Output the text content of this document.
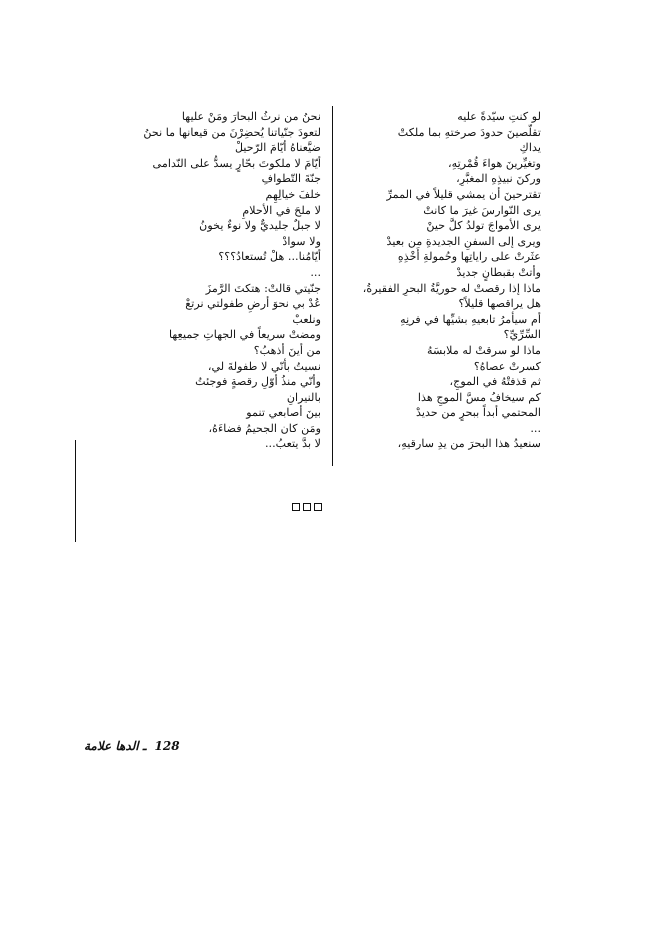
لو كنتِ سيّدةً عليه
تقلّصينَ حدودَ صرختهِ بما ملكتْ
يداكِ
وتغيِّرينَ هواءَ قُمْرتِهِ،
وركنَ نبيذِهِ المغبَّرِ،
تقترحينَ أن يمشي قليلاً في الممرِّ
يرى النّوارسَ غيرَ ما كانتْ
يرى الأمواجَ تولدُ كلَّ حينْ
ويرى إلى السفنِ الجديدةِ من بعيدْ
عثَرتْ على راياتِها وحُمولةِ أَخْذِهِ
وأتتْ بقبطانٍ جديدْ
ماذا إذا رقصتْ له حوريَّةُ البحرِ الفقيرةُ،
هل يراقصها قليلاً؟
أم سيأمرُ تابعيهِ بشيِّها في فرنِهِ
السِّرِّيِّ؟
ماذا لو سرقتْ له ملابسَهُ
كسرتْ عصاهُ؟
ثم قذفتْهُ في الموجِ،
كم سيخافُ مسَّ الموجِ هذا
المحتمي أبداً ببحرٍ من حديدْ
...
سنعيدُ هذا البحرَ من يدِ سارقيهِ،
نحنُ من نرثُ البحارَ ومَنْ عليها
لتعودَ جنّياتنا يُحضِرْنَ من قيعانها ما نحنُ
ضيَّعناهُ أيّامَ الرّحيلْ
أيّامَ لا ملكوتَ بحّارٍ يسدُّ على النّدامى
جنّةَ التّطوافِ
خلفَ خيالِهِم
لا ملحَ في الأحلامِ
لا جبلٌ جليديٌّ ولا نوءٌ يخونُ
ولا سوادْ
أيّامُنا... هلْ تُستعادُ؟؟؟
...
جنّيتي قالتْ: هتكتَ الرَّمزَ
عُدْ بي نحوَ أرضِ طفولتي نرتعْ
ونلعبْ
ومضتْ سريعاً في الجهاتِ جميعِها
من أينَ أذهبُ؟
نسيتُ بأنّي لا طفولةَ لي،
وأنّي منذُ أوّلِ رقصةٍ فوجئتُ
بالنيرانِ
بينَ أصابعي تنمو
ومَن كان الجحيمُ فضاءَهُ،
لا بدَّ يتعبُ...
128 ـ الدها علامة
